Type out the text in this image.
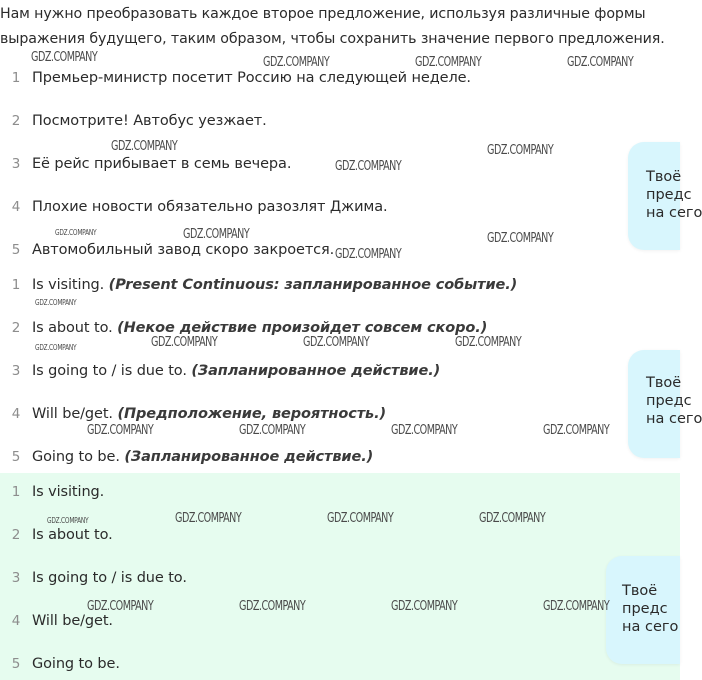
Нам нужно преобразовать каждое второе предложение, используя различные формы выражения будущего, таким образом, чтобы сохранить значение первого предложения.

1 Премьер-министр посетит Россию на следующей неделе.
2 Посмотрите! Автобус уезжает.
3 Её рейс прибывает в семь вечера.
4 Плохие новости обязательно разозлят Джима.
5 Автомобильный завод скоро закроется.
1 Is visiting. (Present Continuous: запланированное событие.)
2 Is about to. (Некое действие произойдет совсем скоро.)
3 Is going to / is due to. (Запланированное действие.)
4 Will be/get. (Предположение, вероятность.)
5 Going to be. (Запланированное действие.)
1 Is visiting.
2 Is about to.
3 Is going to / is due to.
4 Will be/get.
5 Going to be.
Твоё
предс
на сего
Твоё
предс
на сего
Твоё
предс
на сего
GDZ.COMPANY	GDZ.COMPANY	GDZ.COMPANY	GDZ.COMPANY
GDZ.COMPANY	GDZ.COMPANY
GDZ.COMPANY
GDZ.COMPANY	GDZ.COMPANY	GDZ.COMPANY
GDZ.COMPANY
GDZ.COMPANY
GDZ.COMPANY	GDZ.COMPANY	GDZ.COMPANY	GDZ.COMPANY
GDZ.COMPANY	GDZ.COMPANY	GDZ.COMPANY	GDZ.COMPANY
GDZ.COMPANY	GDZ.COMPANY	GDZ.COMPANY	GDZ.COMPANY
GDZ.COMPANY	GDZ.COMPANY	GDZ.COMPANY	GDZ.COMPANY
